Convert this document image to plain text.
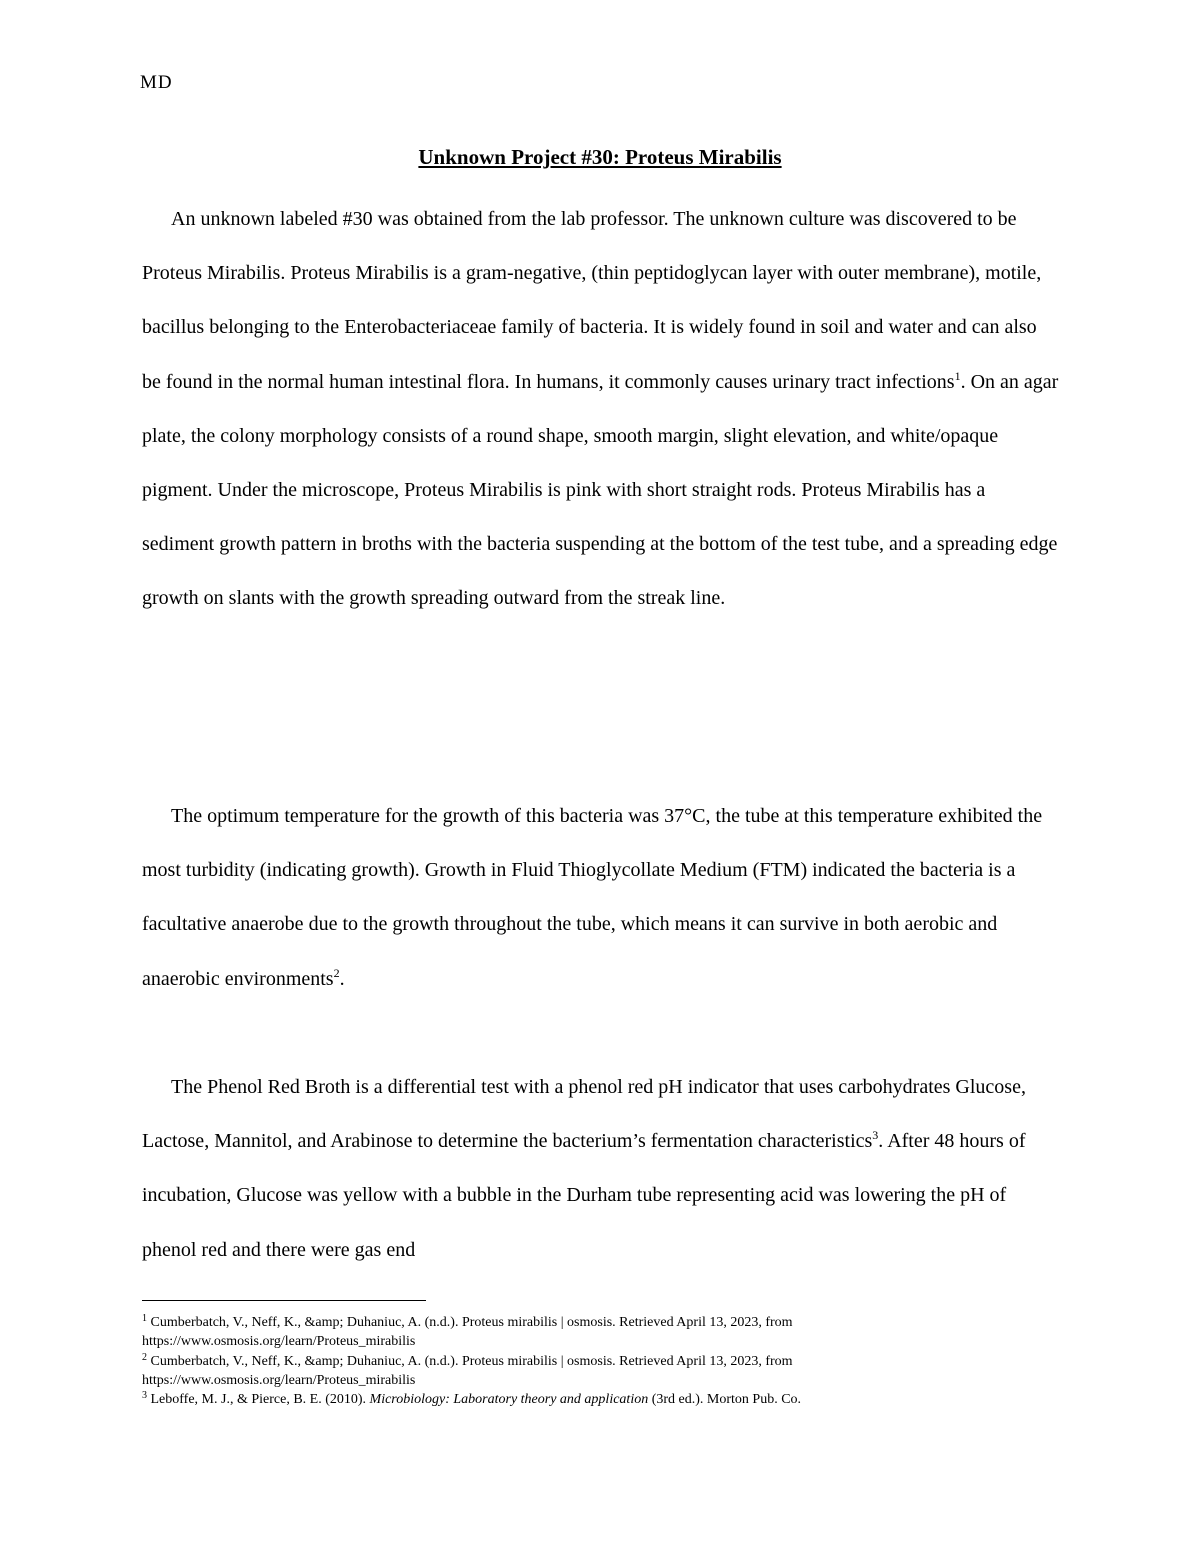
MD
Unknown Project #30: Proteus Mirabilis

An unknown labeled #30 was obtained from the lab professor. The unknown culture was discovered to be Proteus Mirabilis. Proteus Mirabilis is a gram-negative, (thin peptidoglycan layer with outer membrane), motile, bacillus belonging to the Enterobacteriaceae family of bacteria. It is widely found in soil and water and can also be found in the normal human intestinal flora. In humans, it commonly causes urinary tract infections$^1$. On an agar plate, the colony morphology consists of a round shape, smooth margin, slight elevation, and white/opaque pigment. Under the microscope, Proteus Mirabilis is pink with short straight rods. Proteus Mirabilis has a sediment growth pattern in broths with the bacteria suspending at the bottom of the test tube, and a spreading edge growth on slants with the growth spreading outward from the streak line.

The optimum temperature for the growth of this bacteria was 37°C, the tube at this temperature exhibited the most turbidity (indicating growth). Growth in Fluid Thioglycollate Medium (FTM) indicated the bacteria is a facultative anaerobe due to the growth throughout the tube, which means it can survive in both aerobic and anaerobic environments$^2$.

The Phenol Red Broth is a differential test with a phenol red pH indicator that uses carbohydrates Glucose, Lactose, Mannitol, and Arabinose to determine the bacterium’s fermentation characteristics$^3$. After 48 hours of incubation, Glucose was yellow with a bubble in the Durham tube representing acid was lowering the pH of phenol red and there were gas end

$^1$ Cumberbatch, V., Neff, K., &amp; Duhaniuc, A. (n.d.). Proteus mirabilis | osmosis. Retrieved April 13, 2023, from https://www.osmosis.org/learn/Proteus_mirabilis

$^2$ Cumberbatch, V., Neff, K., &amp; Duhaniuc, A. (n.d.). Proteus mirabilis | osmosis. Retrieved April 13, 2023, from https://www.osmosis.org/learn/Proteus_mirabilis

$^3$ Leboffe, M. J., & Pierce, B. E. (2010). Microbiology: Laboratory theory and application (3rd ed.). Morton Pub. Co.
